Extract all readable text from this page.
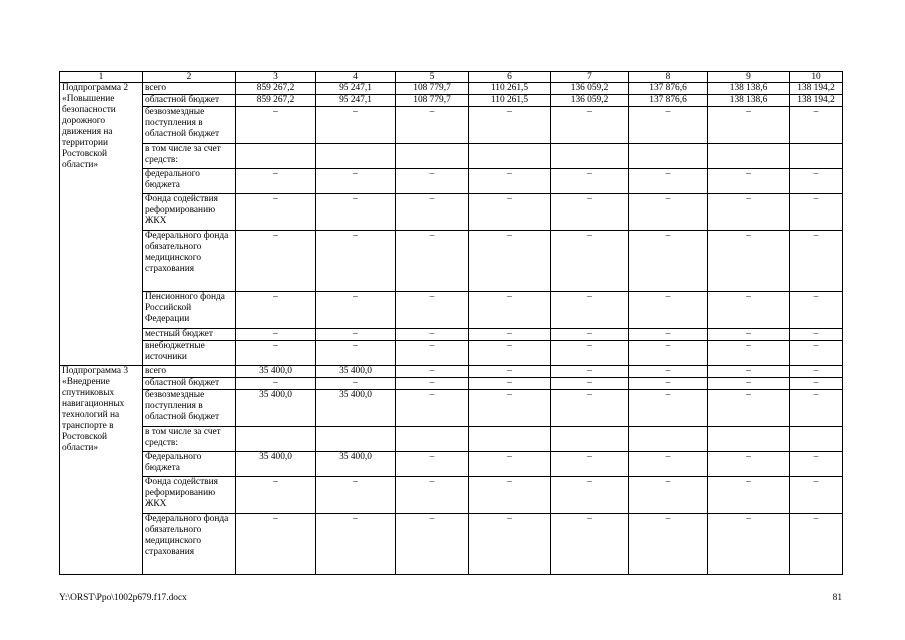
1	2	3	4	5	6	7	8	9	10
Подпрограмма 2 «Повышение безопасности дорожного движения на территории Ростовской области»	всего	859 267,2	95 247,1	108 779,7	110 261,5	136 059,2	137 876,6	138 138,6	138 194,2
	областной бюджет	859 267,2	95 247,1	108 779,7	110 261,5	136 059,2	137 876,6	138 138,6	138 194,2
	безвозмездные поступления в областной бюджет	–	–	–	–	–	–	–	–
	в том числе за счет средств:								
	федерального бюджета	–	–	–	–	–	–	–	–
	Фонда содействия реформированию ЖКХ	–	–	–	–	–	–	–	–
	Федерального фонда обязательного медицинского страхования	–	–	–	–	–	–	–	–
	Пенсионного фонда Российской Федерации	–	–	–	–	–	–	–	–
	местный бюджет	–	–	–	–	–	–	–	–
	внебюджетные источники	–	–	–	–	–	–	–	–
Подпрограмма 3 «Внедрение спутниковых навигационных технологий на транспорте в Ростовской области»	всего	35 400,0	35 400,0	–	–	–	–	–	–
	областной бюджет	–	–	–	–	–	–	–	–
	безвозмездные поступления в областной бюджет	35 400,0	35 400,0	–	–	–	–	–	–
	в том числе за счет средств:								
	Федерального бюджета	35 400,0	35 400,0	–	–	–	–	–	–
	Фонда содействия реформированию ЖКХ	–	–	–	–	–	–	–	–
	Федерального фонда обязательного медицинского страхования	–	–	–	–	–	–	–	–
Y:\ORST\Ppo\1002p679.f17.docx	81
